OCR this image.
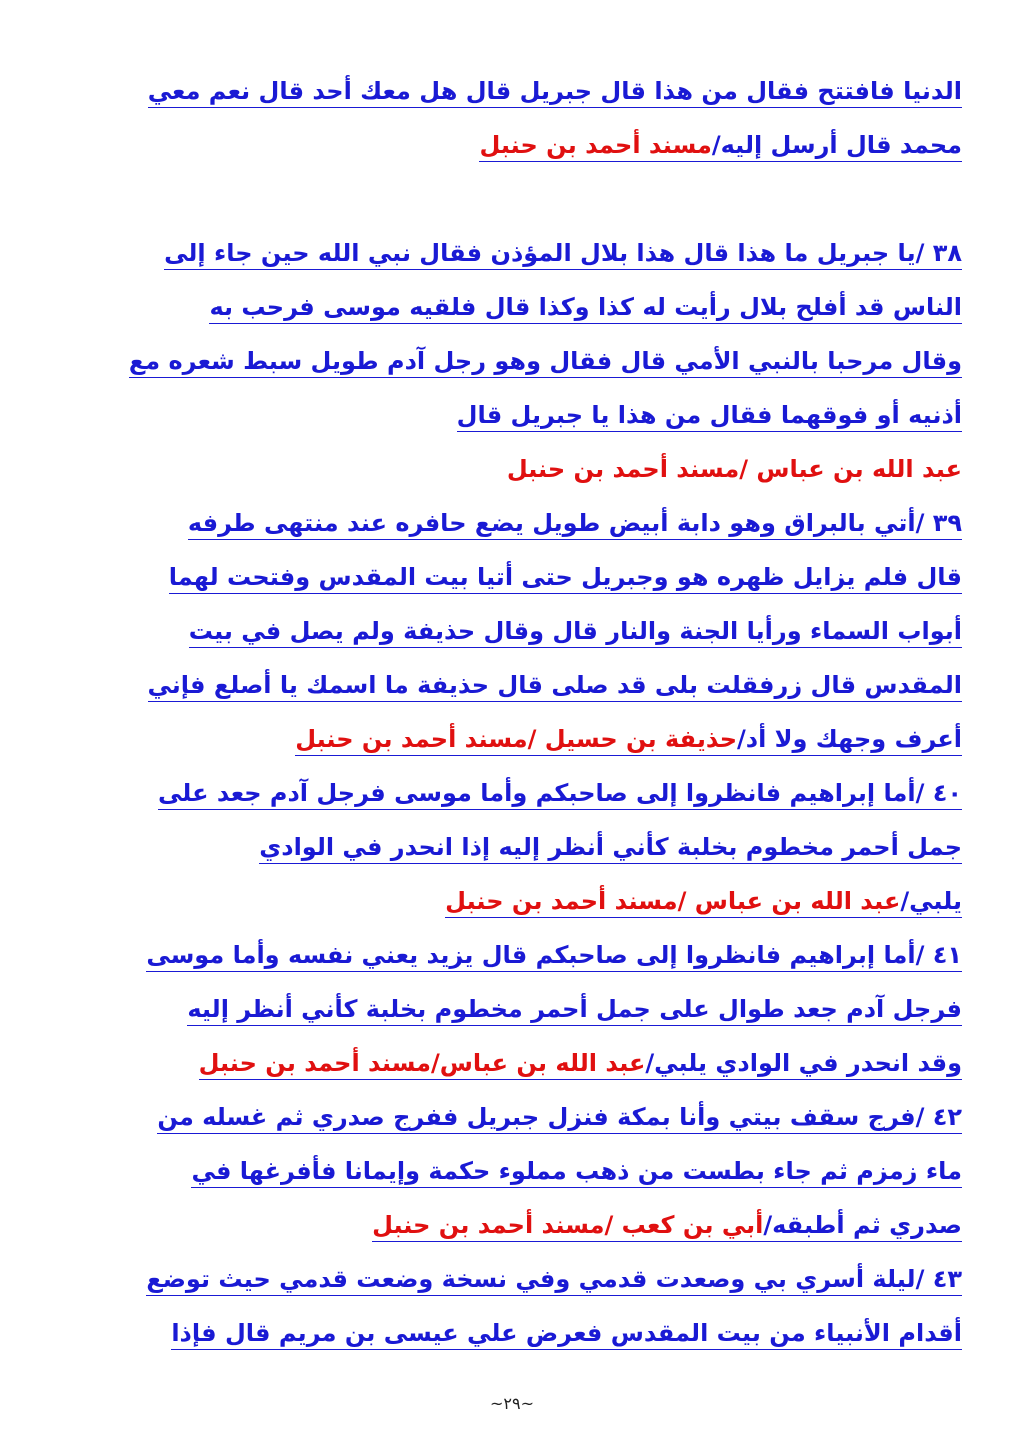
الدنيا فافتتح فقال من هذا قال جبريل قال هل معك أحد قال نعم معي
محمد قال أرسل إليه/مسند أحمد بن حنبل
٣٨ /يا جبريل ما هذا قال هذا بلال المؤذن فقال نبي الله حين جاء إلى
الناس قد أفلح بلال رأيت له كذا وكذا قال فلقيه موسى فرحب به
وقال مرحبا بالنبي الأمي قال فقال وهو رجل آدم طويل سبط شعره مع
أذنيه أو فوقهما فقال من هذا يا جبريل قال
عبد الله بن عباس /مسند أحمد بن حنبل
٣٩ /أتي بالبراق وهو دابة أبيض طويل يضع حافره عند منتهى طرفه
قال فلم يزايل ظهره هو وجبريل حتى أتيا بيت المقدس وفتحت لهما
أبواب السماء ورأيا الجنة والنار قال وقال حذيفة ولم يصل في بيت
المقدس قال زرفقلت بلى قد صلى قال حذيفة ما اسمك يا أصلع فإني
أعرف وجهك ولا أد/حذيفة بن حسيل /مسند أحمد بن حنبل
٤٠ /أما إبراهيم فانظروا إلى صاحبكم وأما موسى فرجل آدم جعد على
جمل أحمر مخطوم بخلبة كأني أنظر إليه إذا انحدر في الوادي
يلبي/عبد الله بن عباس /مسند أحمد بن حنبل
٤١ /أما إبراهيم فانظروا إلى صاحبكم قال يزيد يعني نفسه وأما موسى
فرجل آدم جعد طوال على جمل أحمر مخطوم بخلبة كأني أنظر إليه
وقد انحدر في الوادي يلبي/عبد الله بن عباس/مسند أحمد بن حنبل
٤٢ /فرج سقف بيتي وأنا بمكة فنزل جبريل ففرج صدري ثم غسله من
ماء زمزم ثم جاء بطست من ذهب مملوء حكمة وإيمانا فأفرغها في
صدري ثم أطبقه/أبي بن كعب /مسند أحمد بن حنبل
٤٣ /ليلة أسري بي وصعدت قدمي وفي نسخة وضعت قدمي حيث توضع
أقدام الأنبياء من بيت المقدس فعرض علي عيسى بن مريم قال فإذا
~٢٩~
